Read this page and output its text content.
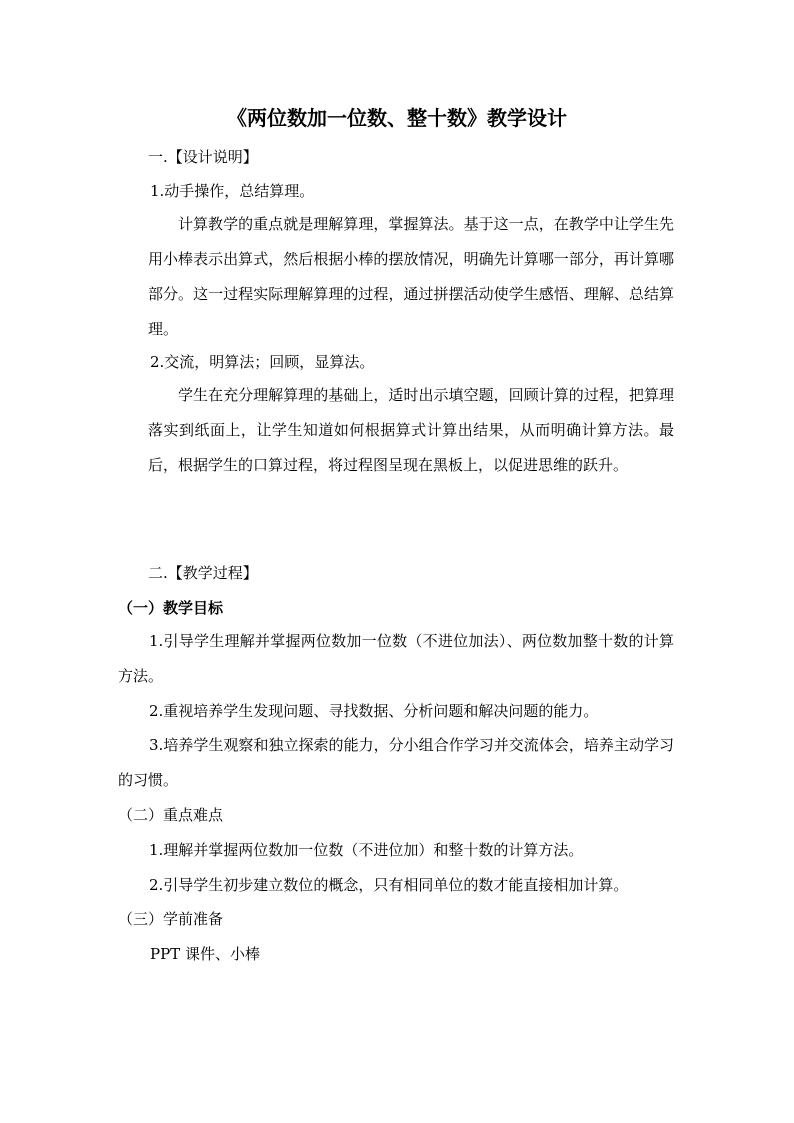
《两位数加一位数、整十数》教学设计
一.【设计说明】
1.动手操作，总结算理。
计算教学的重点就是理解算理，掌握算法。基于这一点，在教学中让学生先用小棒表示出算式，然后根据小棒的摆放情况，明确先计算哪一部分，再计算哪部分。这一过程实际理解算理的过程，通过拼摆活动使学生感悟、理解、总结算理。
2.交流，明算法；回顾，显算法。
学生在充分理解算理的基础上，适时出示填空题，回顾计算的过程，把算理落实到纸面上，让学生知道如何根据算式计算出结果，从而明确计算方法。最后，根据学生的口算过程，将过程图呈现在黑板上，以促进思维的跃升。
二.【教学过程】
（一）教学目标
1.引导学生理解并掌握两位数加一位数（不进位加法）、两位数加整十数的计算方法。
2.重视培养学生发现问题、寻找数据、分析问题和解决问题的能力。
3.培养学生观察和独立探索的能力，分小组合作学习并交流体会，培养主动学习的习惯。
（二）重点难点
1.理解并掌握两位数加一位数（不进位加）和整十数的计算方法。
2.引导学生初步建立数位的概念，只有相同单位的数才能直接相加计算。
（三）学前准备
PPT 课件、小棒
